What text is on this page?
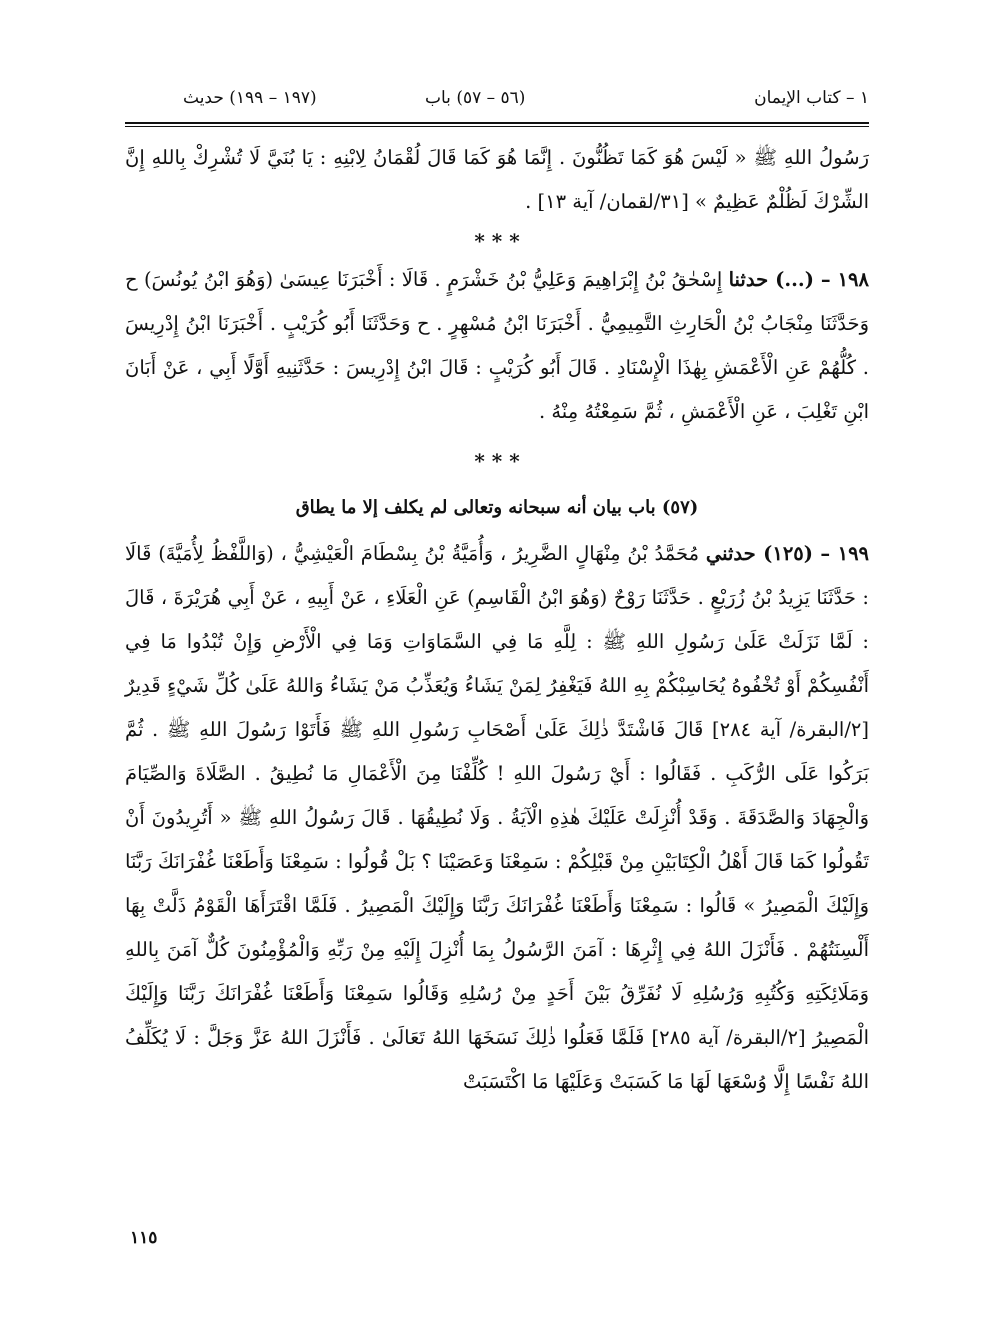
١ – كتاب الإيمان
(٥٦ – ٥٧) باب
(١٩٧ – ١٩٩) حديث

رَسُولُ اللهِ ﷺ « لَيْسَ هُوَ كَمَا تَظُنُّونَ . إِنَّمَا هُوَ كَمَا قَالَ لُقْمَانُ لِابْنِهِ : يَا بُنَيَّ لَا تُشْرِكْ بِاللهِ إِنَّ الشِّرْكَ لَظُلْمٌ عَظِيمٌ » [٣١/لقمان/ آية ١٣] .

* * *

١٩٨ – (...) حدثنا إِسْحٰقُ بْنُ إِبْرَاهِيمَ وَعَلِيُّ بْنُ خَشْرَمٍ . قَالَا : أَخْبَرَنَا عِيسَىٰ (وَهُوَ ابْنُ يُونُسَ) ح وَحَدَّثَنَا مِنْجَابُ بْنُ الْحَارِثِ التَّمِيمِيُّ . أَخْبَرَنَا ابْنُ مُسْهِرٍ . ح وَحَدَّثَنَا أَبُو كُرَيْبٍ . أَخْبَرَنَا ابْنُ إِدْرِيسَ . كُلُّهُمْ عَنِ الْأَعْمَشِ بِهٰذَا الْإِسْنَادِ . قَالَ أَبُو كُرَيْبٍ : قَالَ ابْنُ إِدْرِيسَ : حَدَّثَنِيهِ أَوَّلًا أَبِي ، عَنْ أَبَانَ ابْنِ تَغْلِبَ ، عَنِ الْأَعْمَشِ ، ثُمَّ سَمِعْتُهُ مِنْهُ .

* * *

(٥٧) باب بيان أنه سبحانه وتعالى لم يكلف إلا ما يطاق

١٩٩ – (١٢٥) حدثني مُحَمَّدُ بْنُ مِنْهَالٍ الضَّرِيرُ ، وَأُمَيَّةُ بْنُ بِسْطَامَ الْعَيْشِيُّ ، (وَاللَّفْظُ لِأُمَيَّةَ) قَالَا : حَدَّثَنَا يَزِيدُ بْنُ زُرَيْعٍ . حَدَّثَنَا رَوْحٌ (وَهُوَ ابْنُ الْقَاسِمِ) عَنِ الْعَلَاءِ ، عَنْ أَبِيهِ ، عَنْ أَبِي هُرَيْرَةَ ، قَالَ : لَمَّا نَزَلَتْ عَلَىٰ رَسُولِ اللهِ ﷺ : لِلَّهِ مَا فِي السَّمَاوَاتِ وَمَا فِي الْأَرْضِ وَإِنْ تُبْدُوا مَا فِي أَنْفُسِكُمْ أَوْ تُخْفُوهُ يُحَاسِبْكُمْ بِهِ اللهُ فَيَغْفِرُ لِمَنْ يَشَاءُ وَيُعَذِّبُ مَنْ يَشَاءُ وَاللهُ عَلَىٰ كُلِّ شَيْءٍ قَدِيرٌ [٢/البقرة/ آية ٢٨٤] قَالَ فَاشْتَدَّ ذٰلِكَ عَلَىٰ أَصْحَابِ رَسُولِ اللهِ ﷺ فَأَتَوْا رَسُولَ اللهِ ﷺ . ثُمَّ بَرَكُوا عَلَى الرُّكَبِ . فَقَالُوا : أَيْ رَسُولَ اللهِ ! كُلِّفْنَا مِنَ الْأَعْمَالِ مَا نُطِيقُ . الصَّلَاةَ وَالصِّيَامَ وَالْجِهَادَ وَالصَّدَقَةَ . وَقَدْ أُنْزِلَتْ عَلَيْكَ هٰذِهِ الْآيَةُ . وَلَا نُطِيقُهَا . قَالَ رَسُولُ اللهِ ﷺ « أَتُرِيدُونَ أَنْ تَقُولُوا كَمَا قَالَ أَهْلُ الْكِتَابَيْنِ مِنْ قَبْلِكُمْ : سَمِعْنَا وَعَصَيْنَا ؟ بَلْ قُولُوا : سَمِعْنَا وَأَطَعْنَا غُفْرَانَكَ رَبَّنَا وَإِلَيْكَ الْمَصِيرُ » قَالُوا : سَمِعْنَا وَأَطَعْنَا غُفْرَانَكَ رَبَّنَا وَإِلَيْكَ الْمَصِيرُ . فَلَمَّا اقْتَرَأَهَا الْقَوْمُ ذَلَّتْ بِهَا أَلْسِنَتُهُمْ . فَأَنْزَلَ اللهُ فِي إِثْرِهَا : آمَنَ الرَّسُولُ بِمَا أُنْزِلَ إِلَيْهِ مِنْ رَبِّهِ وَالْمُؤْمِنُونَ كُلٌّ آمَنَ بِاللهِ وَمَلَائِكَتِهِ وَكُتُبِهِ وَرُسُلِهِ لَا نُفَرِّقُ بَيْنَ أَحَدٍ مِنْ رُسُلِهِ وَقَالُوا سَمِعْنَا وَأَطَعْنَا غُفْرَانَكَ رَبَّنَا وَإِلَيْكَ الْمَصِيرُ [٢/البقرة/ آية ٢٨٥] فَلَمَّا فَعَلُوا ذٰلِكَ نَسَخَهَا اللهُ تَعَالَىٰ . فَأَنْزَلَ اللهُ عَزَّ وَجَلَّ : لَا يُكَلِّفُ اللهُ نَفْسًا إِلَّا وُسْعَهَا لَهَا مَا كَسَبَتْ وَعَلَيْهَا مَا اكْتَسَبَتْ

١١٥
